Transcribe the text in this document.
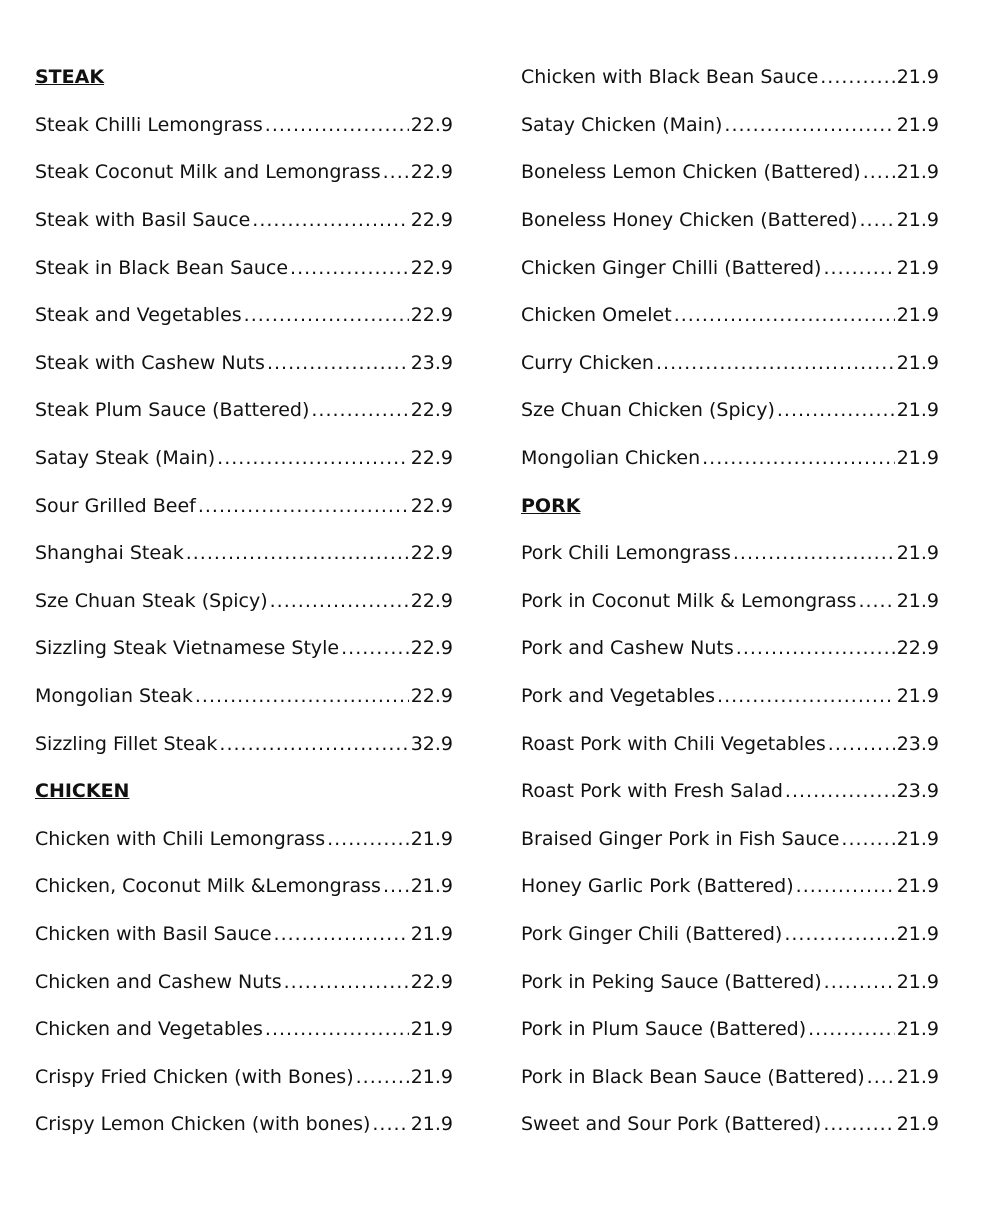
STEAK
Steak Chilli Lemongrass .....	22.9
Steak Coconut Milk and Lemongrass ..... 22.9
Steak with Basil Sauce .....	22.9
Steak in Black Bean Sauce .....	22.9
Steak and Vegetables .....	22.9
Steak with Cashew Nuts .....	23.9
Steak Plum Sauce (Battered) .....	22.9
Satay Steak (Main) .....	22.9
Sour Grilled Beef .....	22.9
Shanghai Steak .....	22.9
Sze Chuan Steak (Spicy) .....	22.9
Sizzling Steak Vietnamese Style .....	22.9
Mongolian Steak .....	22.9
Sizzling Fillet Steak .....	32.9
CHICKEN
Chicken with Chili Lemongrass .....	21.9
Chicken, Coconut Milk &Lemongrass ..... 21.9
Chicken with Basil Sauce .....	21.9
Chicken and Cashew Nuts .....	22.9
Chicken and Vegetables .....	21.9
Crispy Fried Chicken (with Bones) .....	21.9
Crispy Lemon Chicken (with bones) ..... 21.9
Chicken with Black Bean Sauce .....	21.9
Satay Chicken (Main) .....	21.9
Boneless Lemon Chicken (Battered) ..... 21.9
Boneless Honey Chicken (Battered) ..... 21.9
Chicken Ginger Chilli (Battered) .....	21.9
Chicken Omelet .....	21.9
Curry Chicken .....	21.9
Sze Chuan Chicken (Spicy) .....	21.9
Mongolian Chicken .....	21.9
PORK
Pork Chili Lemongrass .....	21.9
Pork in Coconut Milk & Lemongrass ..... 21.9
Pork and Cashew Nuts .....	22.9
Pork and Vegetables .....	21.9
Roast Pork with Chili Vegetables .....	23.9
Roast Pork with Fresh Salad .....	23.9
Braised Ginger Pork in Fish Sauce .....	21.9
Honey Garlic Pork (Battered) .....	21.9
Pork Ginger Chili (Battered) .....	21.9
Pork in Peking Sauce (Battered) .....	21.9
Pork in Plum Sauce (Battered) .....	21.9
Pork in Black Bean Sauce (Battered) ..... 21.9
Sweet and Sour Pork (Battered) .....	21.9
